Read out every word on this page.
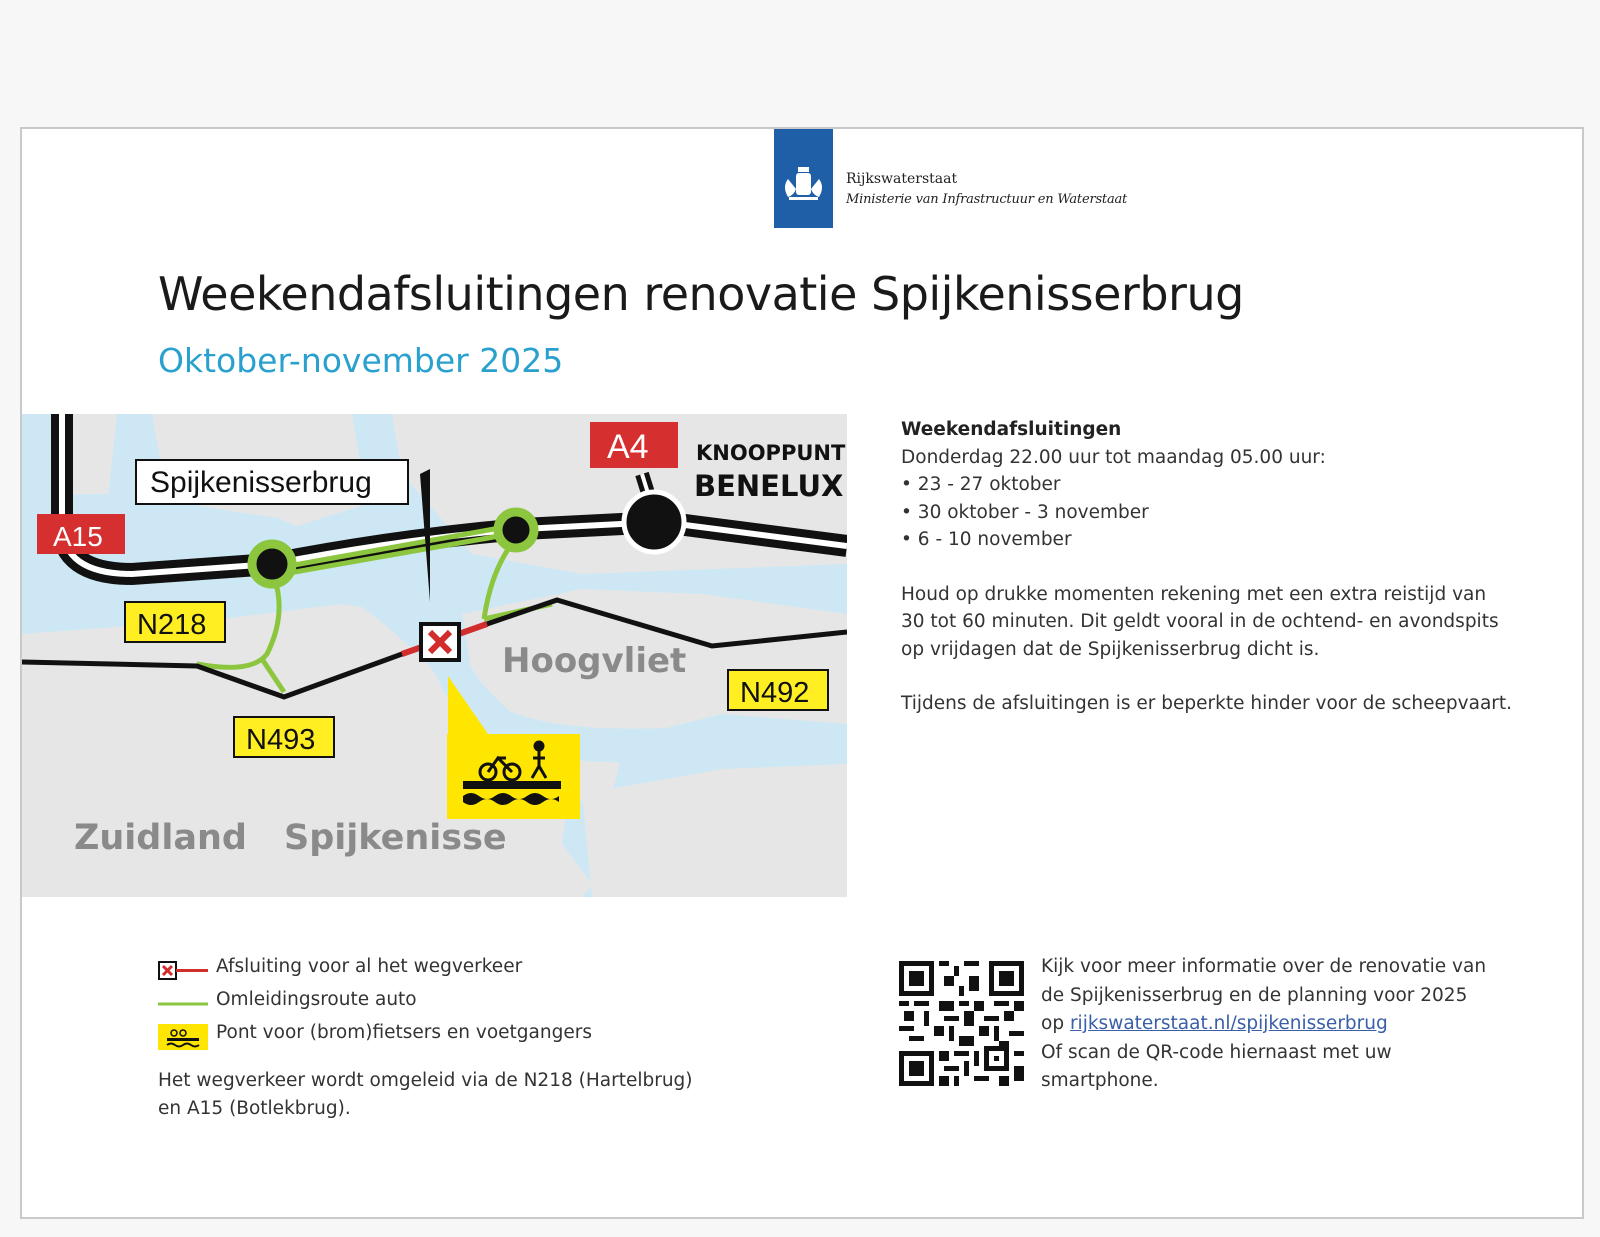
Rijkswaterstaat
Ministerie van Infrastructuur en Waterstaat
Weekendafsluitingen renovatie Spijkenisserbrug
Oktober-november 2025
Spijkenisserbrug
A15
A4 KNOOPPUNT
BENELUX
N218
N493
N492
Hoogvliet
Zuidland Spijkenisse
Weekendafsluitingen
Donderdag 22.00 uur tot maandag 05.00 uur:
• 23 - 27 oktober
• 30 oktober - 3 november
• 6 - 10 november
Houd op drukke momenten rekening met een extra reistijd van
30 tot 60 minuten. Dit geldt vooral in de ochtend- en avondspits
op vrijdagen dat de Spijkenisserbrug dicht is.
Tijdens de afsluitingen is er beperkte hinder voor de scheepvaart.
Afsluiting voor al het wegverkeer
Omleidingsroute auto
Pont voor (brom)fietsers en voetgangers
Het wegverkeer wordt omgeleid via de N218 (Hartelbrug)
en A15 (Botlekbrug).
Kijk voor meer informatie over de renovatie van
de Spijkenisserbrug en de planning voor 2025
op rijkswaterstaat.nl/spijkenisserbrug
Of scan de QR-code hiernaast met uw
smartphone.
